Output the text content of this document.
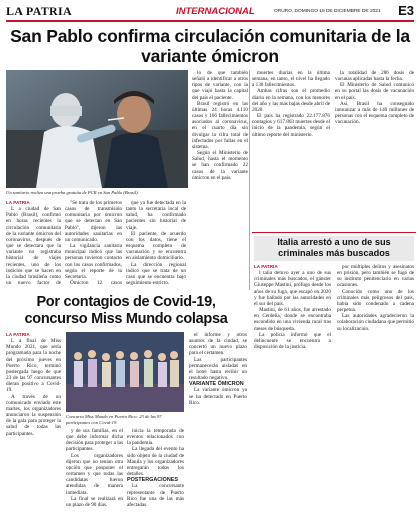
LA PATRIA	INTERNACIONAL	ORURO, DOMINGO 19 DE DICIEMBRE DE 2021 E3
San Pablo confirma circulación comunitaria de la variante ómicron
Un sanitario realiza una prueba gratuita de PCR en San Pablo (Brasil).

LA PATRIA

L a ciudad de San Pablo (Brasil), confirmó en horas recientes la circulación comunitaria de la variante ómicron del coronavirus, después de que se detectara que la variante no registraba historial de viajes recientes, uno de los indicios que se hacen en la ciudad brasileña como un nuevo factor de

"Se trata de los primeros casos de transmisión comunitaria por ómicron que se detectan en San Pablo", dijeron las autoridades sanitarias en un comunicado.

La vigilancia sanitaria municipal indicó que las personas tuvieron contacto con los casos confirmados, según el reporte de la Secretaría.

Ómicron 12 casos

que ya fue detectada en la tanto la secretaría local de salud, ha confirmado pacientes sin historial de viaje.

El paciente, de acuerdo con los datos, tiene el esquema completo de vacunación y se encuentra en aislamiento domiciliario.

La dirección regional indicó que se trata de un caso que se encuentra bajo seguimiento estricto.

lo de que también señaló a identificar a otros tipos de variante, con la que viajó hasta la capital del país el paciente.

Brasil registró en las últimas 24 horas 4.110 casos y 166 fallecimientos asociados al coronavirus, en el cuarto día sin divulgar la cifra total de infectados por fallas en el sistema.

Según el Ministerio de Salud, hasta el momento se han confirmado 22 casos de la variante ómicron en el país.

muertes diarias en la última semana, en tanto, el nivel ha llegado a 130 fallecimientos.

Ambas cifras son el promedio diario en la semana, con los menores del año y las más bajas desde abril de 2020.

El país ha registrado 22.177.876 contagios y 617.803 muertes desde el inicio de la pandemia, según el último reporte del ministerio.

la totalidad de 286 dosis de vacunas aplicadas hasta la fecha.

El Ministerio de Salud comunicó en su portal las dosis de vacunación en el país.

Así, Brasil ha conseguido inmunizar a más de 140 millones de personas con el esquema completo de vacunación.

Por contagios de Covid-19, concurso Miss Mundo colapsa

LA PATRIA

L a final de Miss Mundo 2021, que sería programada para la noche del próximo jueves en Puerto Rico, terminó postergada luego de que 23 de las 97 concursantes dieran positivo a Covid-19.

A través de un comunicado enviado este martes, los organizadores anunciaron la suspensión de la gala para proteger la salud de todas las participantes.

Concurso Miss Mundo en Puerto Rico: 23 de las 97 participantes con Covid-19.

y de sus familias, en el que debe informar dicha decisión para proteger a las participantes.

Los organizadores dijeron que no tenían otra opción que posponer el certamen y que todas las candidatas fueron atendidas de manera inmediata.

La final se realizará en un plazo de 90 días.

inicia la temporada de eventos relacionados con la pandemia.

La llegada del evento ha sido objeto de la ciudad de Manila y los organizadores entregarán todos los detalles.

POSTERGACIONES

La concursante representante de Puerto Rico fue una de las más afectadas.

el informe y otros asuntos de la ciudad, se concertó un nuevo plazo para el certamen.

Las participantes permanecerán aisladas en el hotel hasta recibir un resultado negativo.

VARIANTE ÓMICRON

La variante ómicron ya se ha detectado en Puerto Rico.

Italia arrestó a uno de sus criminales más buscados

LA PATRIA

I talia detuvo ayer a uno de sus criminales más buscados, el gánster Giuseppe Mastini, prófugo desde los años de su fuga, que escapó en 2020 y fue hallado por las autoridades en el sur del país.

Mastini, de 61 años, fue arrestado en Cerdeña, donde se encontraba escondido en una vivienda rural tras meses de búsqueda.

La policía informó que el delincuente se encuentra a disposición de la justicia.

por múltiples delitos y asesinatos en prisión, pero también se fugó de su instituto penitenciario en varias ocasiones.

Conocido como uno de los criminales más peligrosos del país, había sido condenado a cadena perpetua.

Las autoridades agradecieron la colaboración ciudadana que permitió su localización.
